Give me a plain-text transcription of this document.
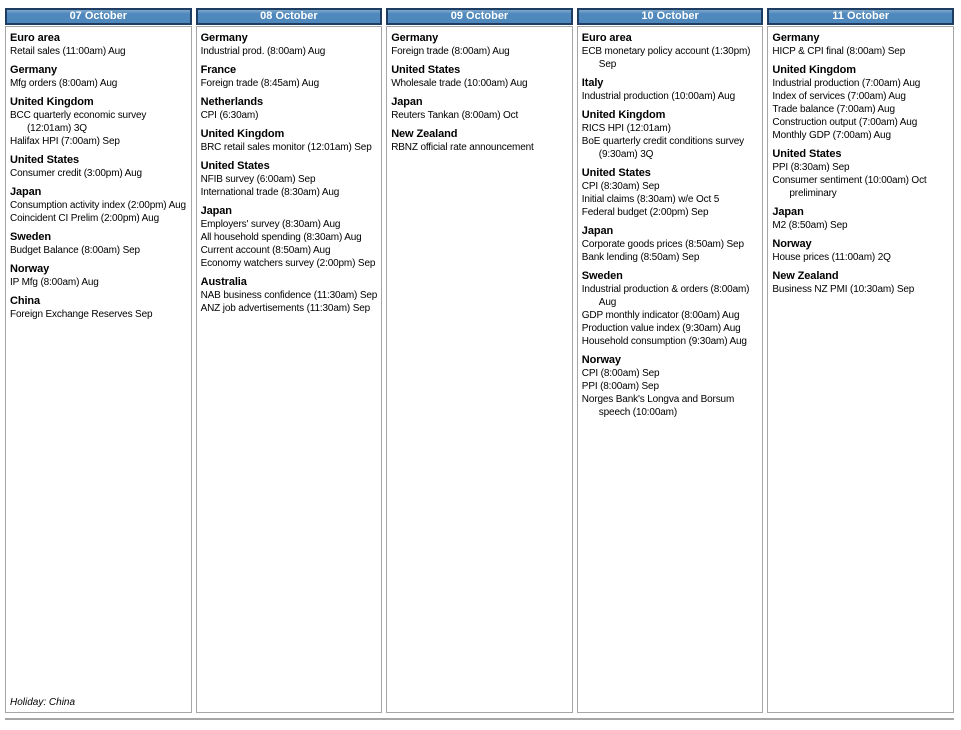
07 October
Euro area
Retail sales (11:00am) Aug
Germany
Mfg orders (8:00am) Aug
United Kingdom
BCC quarterly economic survey (12:01am) 3Q
Halifax HPI (7:00am) Sep
United States
Consumer credit (3:00pm) Aug
Japan
Consumption activity index (2:00pm) Aug
Coincident CI Prelim (2:00pm) Aug
Sweden
Budget Balance (8:00am) Sep
Norway
IP Mfg (8:00am) Aug
China
Foreign Exchange Reserves Sep
Holiday: China
08 October
Germany
Industrial prod. (8:00am) Aug
France
Foreign trade (8:45am) Aug
Netherlands
CPI (6:30am)
United Kingdom
BRC retail sales monitor (12:01am) Sep
United States
NFIB survey (6:00am) Sep
International trade (8:30am) Aug
Japan
Employers' survey (8:30am) Aug
All household spending (8:30am) Aug
Current account (8:50am) Aug
Economy watchers survey (2:00pm) Sep
Australia
NAB business confidence (11:30am) Sep
ANZ job advertisements (11:30am) Sep
09 October
Germany
Foreign trade (8:00am) Aug
United States
Wholesale trade (10:00am) Aug
Japan
Reuters Tankan (8:00am) Oct
New Zealand
RBNZ official rate announcement
10 October
Euro area
ECB monetary policy account (1:30pm) Sep
Italy
Industrial production (10:00am) Aug
United Kingdom
RICS HPI (12:01am)
BoE quarterly credit conditions survey (9:30am) 3Q
United States
CPI (8:30am) Sep
Initial claims (8:30am) w/e Oct 5
Federal budget (2:00pm) Sep
Japan
Corporate goods prices (8:50am) Sep
Bank lending (8:50am) Sep
Sweden
Industrial production & orders (8:00am) Aug
GDP monthly indicator (8:00am) Aug
Production value index (9:30am) Aug
Household consumption (9:30am) Aug
Norway
CPI (8:00am) Sep
PPI (8:00am) Sep
Norges Bank's Longva and Borsum speech (10:00am)
11 October
Germany
HICP & CPI final (8:00am) Sep
United Kingdom
Industrial production (7:00am) Aug
Index of services (7:00am) Aug
Trade balance (7:00am) Aug
Construction output (7:00am) Aug
Monthly GDP (7:00am) Aug
United States
PPI (8:30am) Sep
Consumer sentiment (10:00am) Oct preliminary
Japan
M2 (8:50am) Sep
Norway
House prices (11:00am) 2Q
New Zealand
Business NZ PMI (10:30am) Sep
